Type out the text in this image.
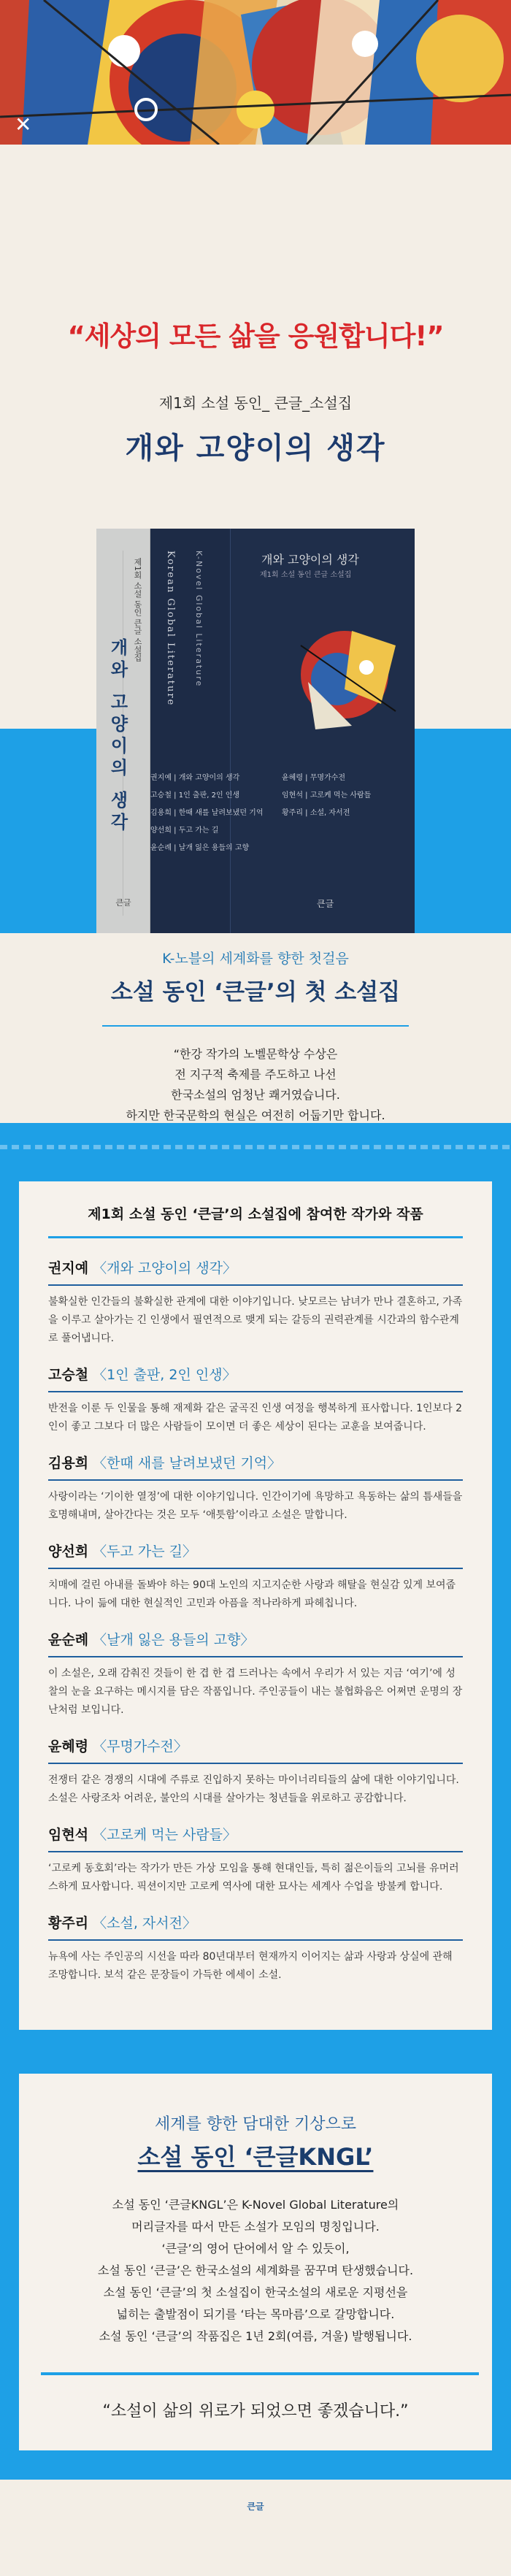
✕
“세상의 모든 삶을 응원합니다!”
제1회 소설 동인_ 큰글_소설집
개와 고양이의 생각
제1회 소설 동인 큰글 소설집
개와 고양이의 생각
큰글
Korean Global Literature K-Novel Global Literature	개와 고양이의 생각
제1회 소설 동인 큰글 소설집
권지예 | 개와 고양이의 생각
고승철 | 1인 출판, 2인 인생
김용희 | 한때 새를 날려보냈던 기억
양선희 | 두고 가는 길
윤순례 | 날개 잃은 용들의 고향
윤혜령 | 무명가수전
임현석 | 고로케 먹는 사람들
황주리 | 소설, 자서전
큰글
K-노블의 세계화를 향한 첫걸음
소설 동인 ‘큰글’의 첫 소설집
“한강 작가의 노벨문학상 수상은
전 지구적 축제를 주도하고 나선
한국소설의 엄청난 쾌거였습니다.
하지만 한국문학의 현실은 여전히 어둡기만 합니다.
제1회 소설 동인 ‘큰글’의 소설집에 참여한 작가와 작품
권지예 〈개와 고양이의 생각〉
불확실한 인간들의 불확실한 관계에 대한 이야기입니다. 낮모르는 남녀가 만나 결혼하고, 가족을 이루고 살아가는 긴 인생에서 필연적으로 맺게 되는 갈등의 권력관계를 시간과의 함수관계로 풀어냅니다.
고승철 〈1인 출판, 2인 인생〉
반전을 이룬 두 인물을 통해 재제화 같은 굴곡진 인생 여정을 행복하게 표사합니다. 1인보다 2인이 좋고 그보다 더 많은 사람들이 모이면 더 좋은 세상이 된다는 교훈을 보여줍니다.
김용희 〈한때 새를 날려보냈던 기억〉
사랑이라는 ‘기이한 열정’에 대한 이야기입니다. 인간이기에 욕망하고 욕동하는 삶의 틈새들을 호명해내며, 살아간다는 것은 모두 ‘애틋함’이라고 소설은 말합니다.
양선희 〈두고 가는 길〉
치매에 걸린 아내를 돌봐야 하는 90대 노인의 지고지순한 사랑과 해탈을 현실감 있게 보여줍니다. 나이 듦에 대한 현실적인 고민과 아픔을 적나라하게 파헤칩니다.
윤순례 〈날개 잃은 용들의 고향〉
이 소설은, 오래 감춰진 것들이 한 겹 한 겹 드러나는 속에서 우리가 서 있는 지금 ‘여기’에 성찰의 눈을 요구하는 메시지를 담은 작품입니다. 주인공들이 내는 불협화음은 어쩌면 운명의 장난처럼 보입니다.
윤혜령 〈무명가수전〉
전쟁터 같은 경쟁의 시대에 주류로 진입하지 못하는 마이너리티들의 삶에 대한 이야기입니다. 소설은 사랑조차 어려운, 불안의 시대를 살아가는 청년들을 위로하고 공감합니다.
임현석 〈고로케 먹는 사람들〉
‘고로케 동호회’라는 작가가 만든 가상 모임을 통해 현대인들, 특히 젊은이들의 고뇌를 유머러스하게 묘사합니다. 픽션이지만 고로케 역사에 대한 묘사는 세계사 수업을 방불케 합니다.
황주리 〈소설, 자서전〉
뉴욕에 사는 주인공의 시선을 따라 80년대부터 현재까지 이어지는 삶과 사랑과 상실에 관해 조망합니다. 보석 같은 문장들이 가득한 에세이 소설.
세계를 향한 담대한 기상으로
소설 동인 ‘큰글KNGL’
소설 동인 ‘큰글KNGL’은 K-Novel Global Literature의
머리글자를 따서 만든 소설가 모임의 명칭입니다.
‘큰글’의 영어 단어에서 알 수 있듯이,
소설 동인 ‘큰글’은 한국소설의 세계화를 꿈꾸며 탄생했습니다.
소설 동인 ‘큰글’의 첫 소설집이 한국소설의 새로운 지평선을
넓히는 출발점이 되기를 ‘타는 목마름’으로 갈망합니다.
소설 동인 ‘큰글’의 작품집은 1년 2회(여름, 겨울) 발행됩니다.
“소설이 삶의 위로가 되었으면 좋겠습니다.”
큰글
